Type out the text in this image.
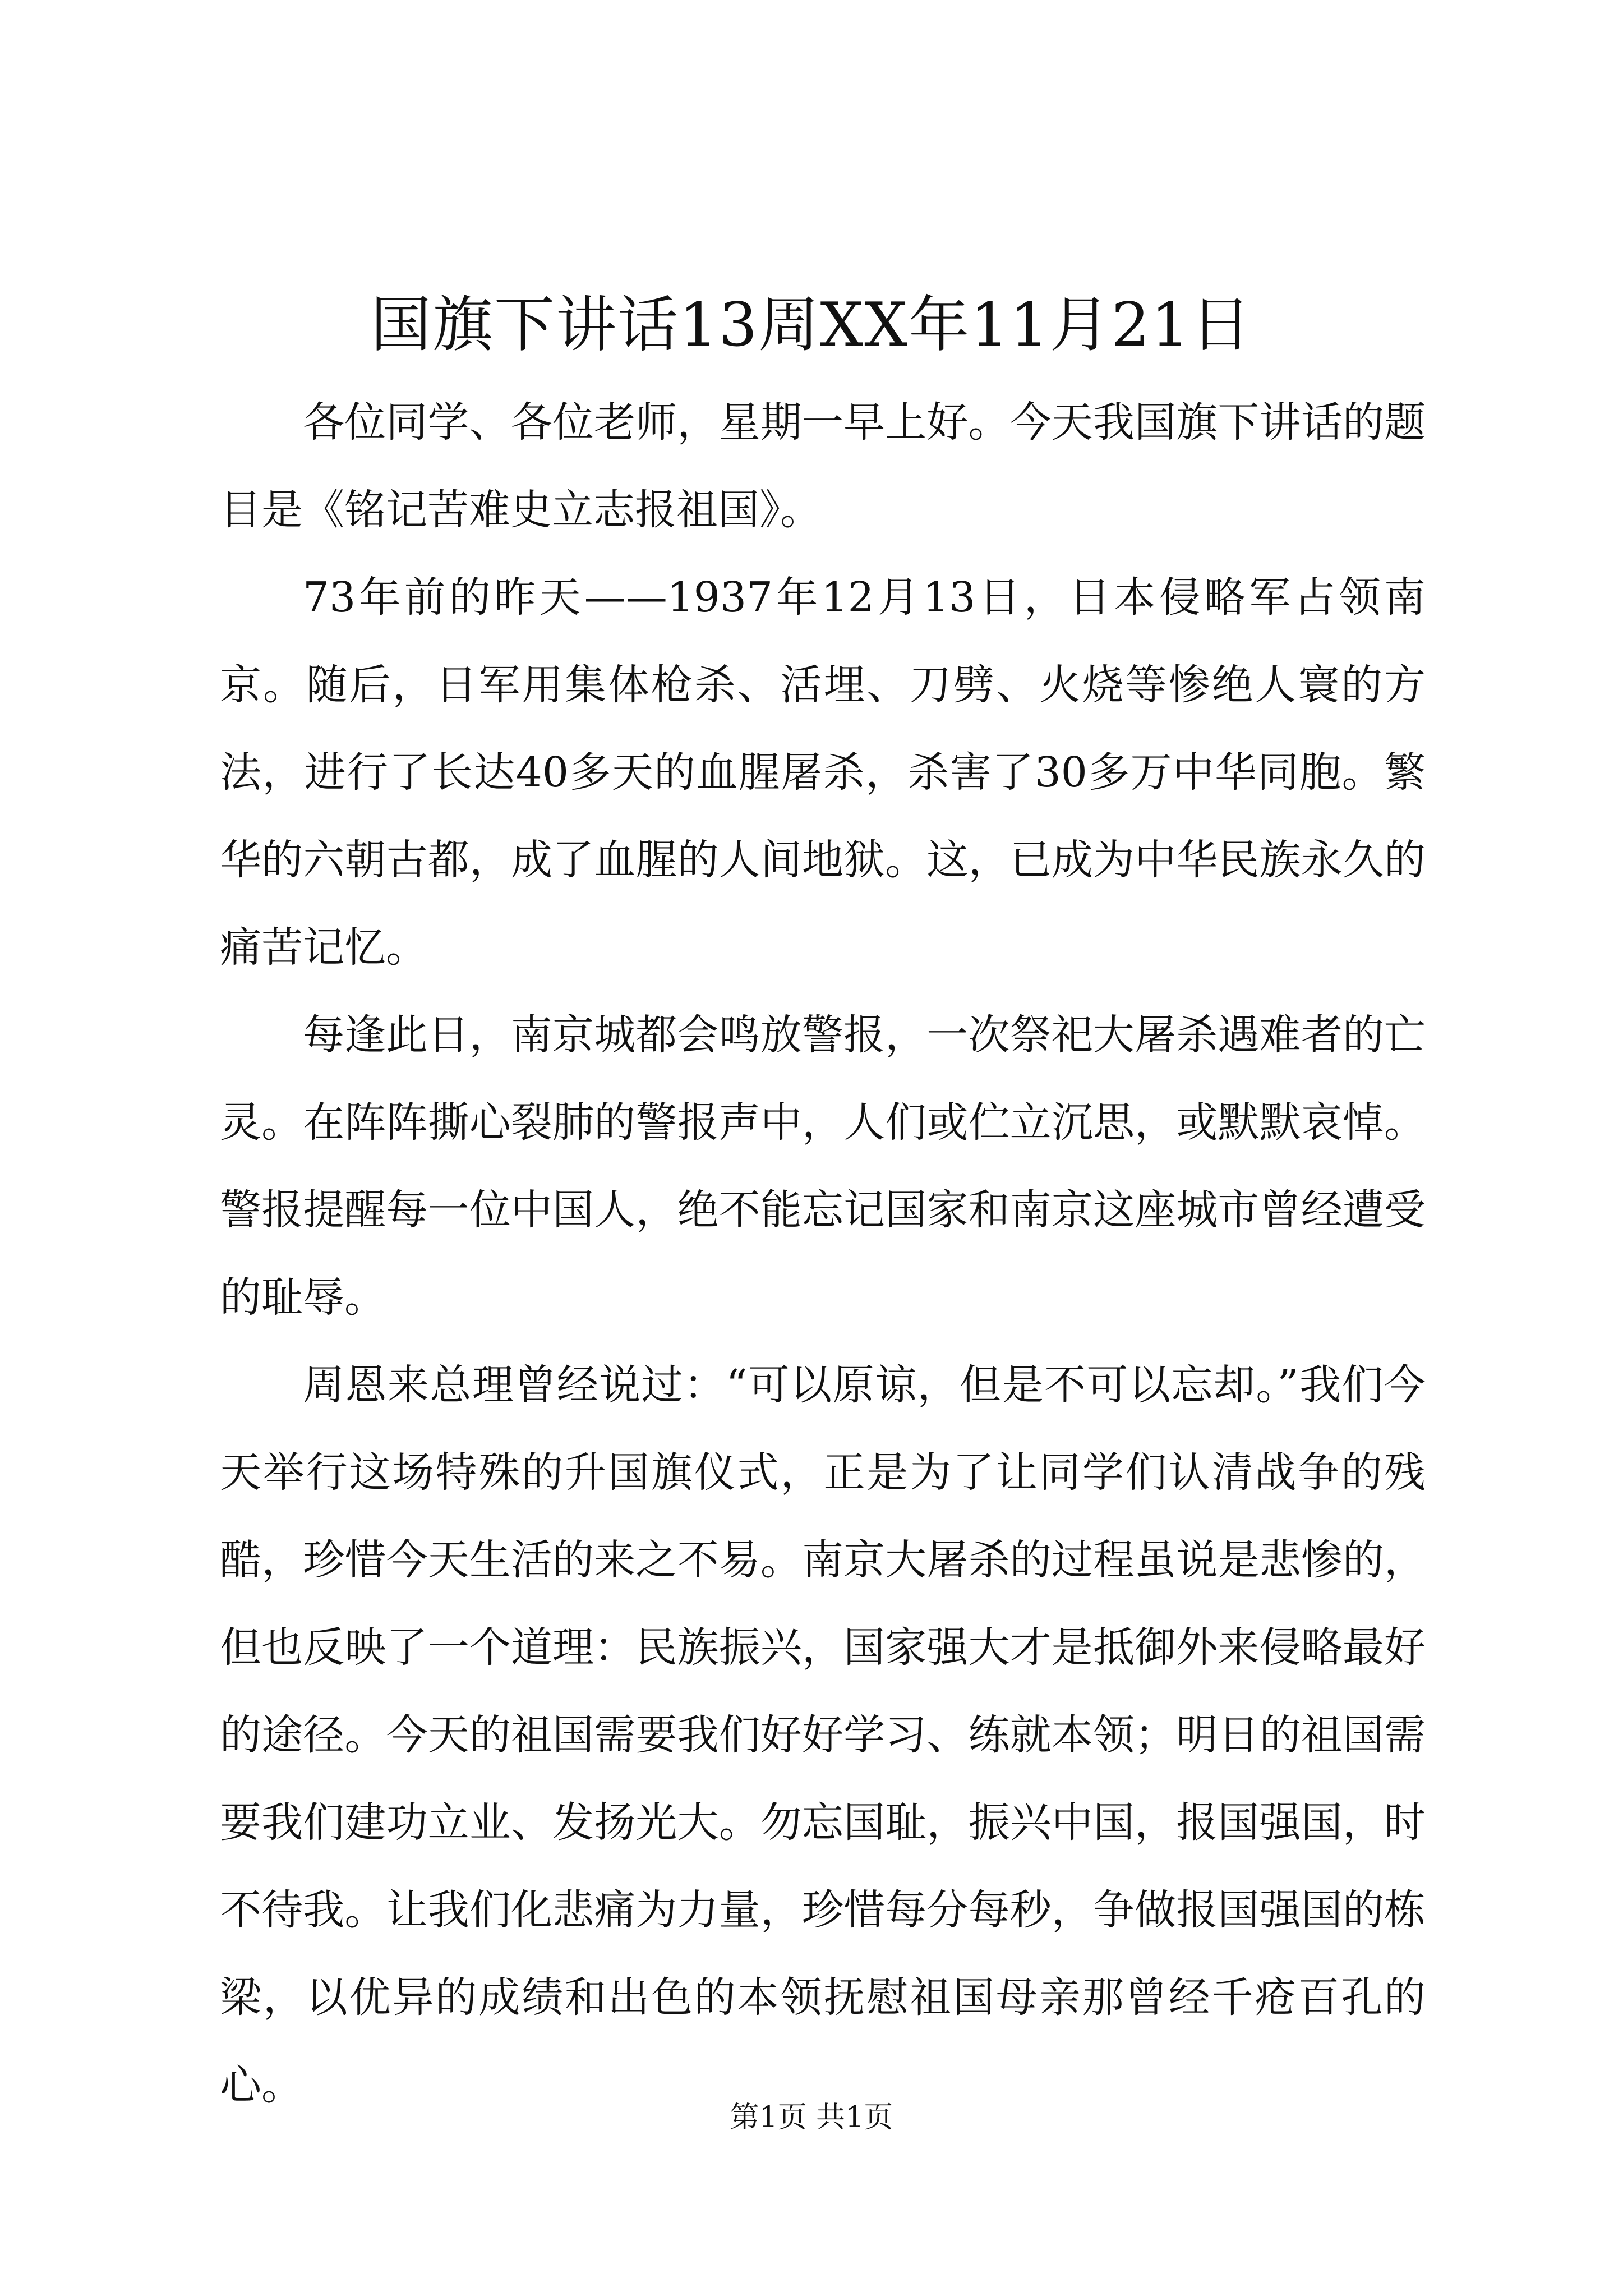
国旗下讲话13周XX年11月21日

各位同学、各位老师，星期一早上好。今天我国旗下讲话的题目是《铭记苦难史立志报祖国》。

73年前的昨天——1937年12月13日，日本侵略军占领南京。随后，日军用集体枪杀、活埋、刀劈、火烧等惨绝人寰的方法，进行了长达40多天的血腥屠杀，杀害了30多万中华同胞。繁华的六朝古都，成了血腥的人间地狱。这，已成为中华民族永久的痛苦记忆。

每逢此日，南京城都会鸣放警报，一次祭祀大屠杀遇难者的亡灵。在阵阵撕心裂肺的警报声中，人们或伫立沉思，或默默哀悼。警报提醒每一位中国人，绝不能忘记国家和南京这座城市曾经遭受的耻辱。

周恩来总理曾经说过：“可以原谅，但是不可以忘却。”我们今天举行这场特殊的升国旗仪式，正是为了让同学们认清战争的残酷，珍惜今天生活的来之不易。南京大屠杀的过程虽说是悲惨的，但也反映了一个道理：民族振兴，国家强大才是抵御外来侵略最好的途径。今天的祖国需要我们好好学习、练就本领；明日的祖国需要我们建功立业、发扬光大。勿忘国耻，振兴中国，报国强国，时不待我。让我们化悲痛为力量，珍惜每分每秒，争做报国强国的栋梁，以优异的成绩和出色的本领抚慰祖国母亲那曾经千疮百孔的心。

第1页 共1页
